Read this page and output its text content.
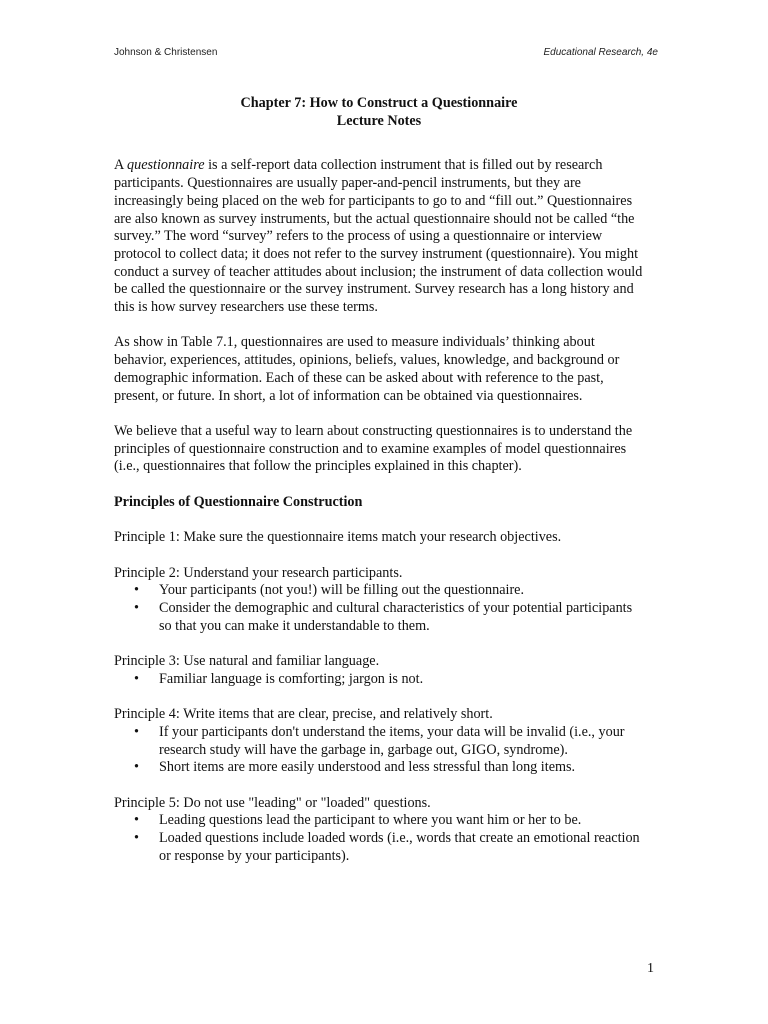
Johnson & Christensen	Educational Research, 4e

Chapter 7: How to Construct a Questionnaire

Lecture Notes

A questionnaire is a self-report data collection instrument that is filled out by research participants. Questionnaires are usually paper-and-pencil instruments, but they are increasingly being placed on the web for participants to go to and “fill out.” Questionnaires are also known as survey instruments, but the actual questionnaire should not be called “the survey.” The word “survey” refers to the process of using a questionnaire or interview protocol to collect data; it does not refer to the survey instrument (questionnaire). You might conduct a survey of teacher attitudes about inclusion; the instrument of data collection would be called the questionnaire or the survey instrument. Survey research has a long history and this is how survey researchers use these terms.

As show in Table 7.1, questionnaires are used to measure individuals’ thinking about behavior, experiences, attitudes, opinions, beliefs, values, knowledge, and background or demographic information. Each of these can be asked about with reference to the past, present, or future. In short, a lot of information can be obtained via questionnaires.

We believe that a useful way to learn about constructing questionnaires is to understand the principles of questionnaire construction and to examine examples of model questionnaires (i.e., questionnaires that follow the principles explained in this chapter).

Principles of Questionnaire Construction

Principle 1: Make sure the questionnaire items match your research objectives.

Principle 2: Understand your research participants.

• Your participants (not you!) will be filling out the questionnaire.
• Consider the demographic and cultural characteristics of your potential participants so that you can make it understandable to them.

Principle 3: Use natural and familiar language.

• Familiar language is comforting; jargon is not.

Principle 4: Write items that are clear, precise, and relatively short.

• If your participants don't understand the items, your data will be invalid (i.e., your research study will have the garbage in, garbage out, GIGO, syndrome).
• Short items are more easily understood and less stressful than long items.

Principle 5: Do not use "leading" or "loaded" questions.

• Leading questions lead the participant to where you want him or her to be.
• Loaded questions include loaded words (i.e., words that create an emotional reaction or response by your participants).
1
